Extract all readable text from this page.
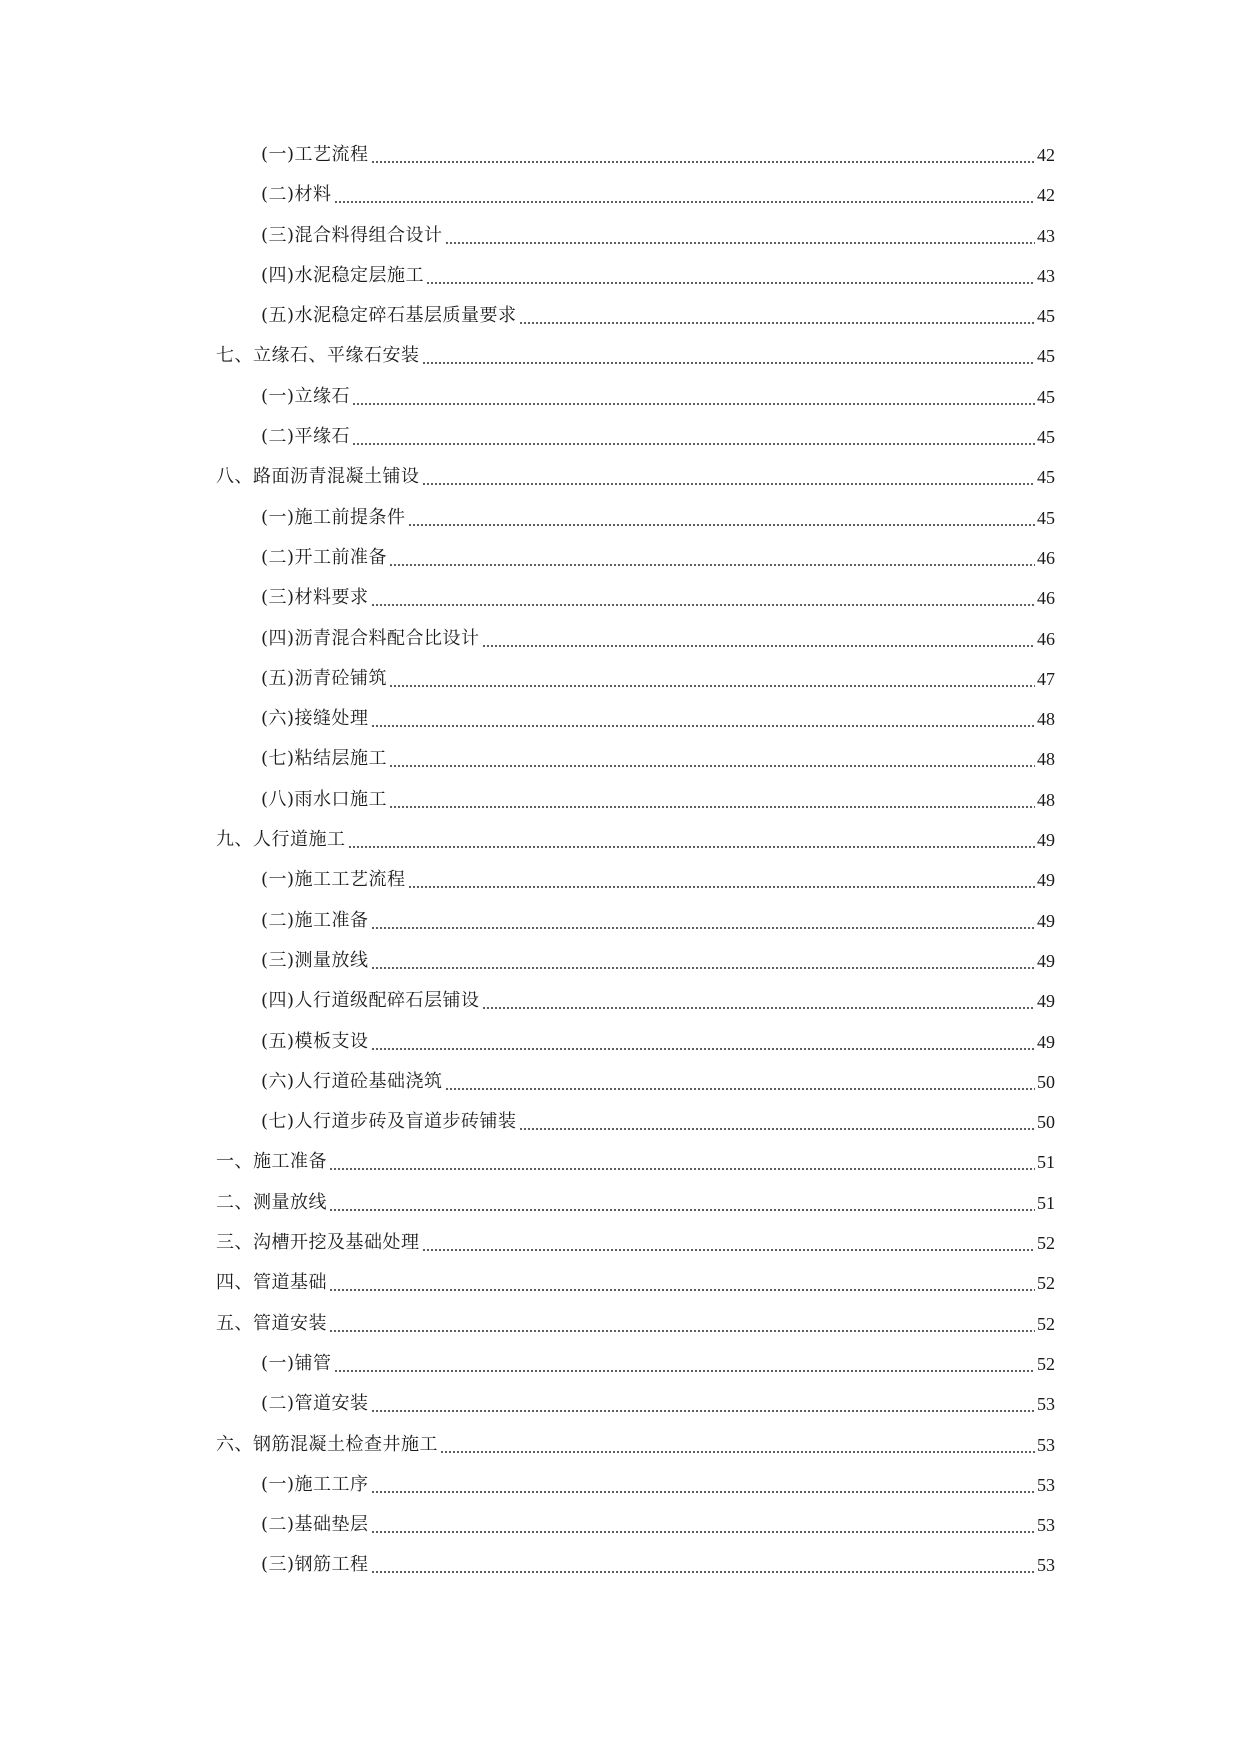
(一)工艺流程	42
(二)材料	42
(三)混合料得组合设计	43
(四)水泥稳定层施工	43
(五)水泥稳定碎石基层质量要求	45
七、立缘石、平缘石安装	45
(一)立缘石	45
(二)平缘石	45
八、路面沥青混凝土铺设	45
(一)施工前提条件	45
(二)开工前准备	46
(三)材料要求	46
(四)沥青混合料配合比设计	46
(五)沥青砼铺筑	47
(六)接缝处理	48
(七)粘结层施工	48
(八)雨水口施工	48
九、人行道施工	49
(一)施工工艺流程	49
(二)施工准备	49
(三)测量放线	49
(四)人行道级配碎石层铺设	49
(五)模板支设	49
(六)人行道砼基础浇筑	50
(七)人行道步砖及盲道步砖铺装	50
一、施工准备	51
二、测量放线	51
三、沟槽开挖及基础处理	52
四、管道基础	52
五、管道安装	52
(一)铺管	52
(二)管道安装	53
六、钢筋混凝土检查井施工	53
(一)施工工序	53
(二)基础垫层	53
(三)钢筋工程	53
